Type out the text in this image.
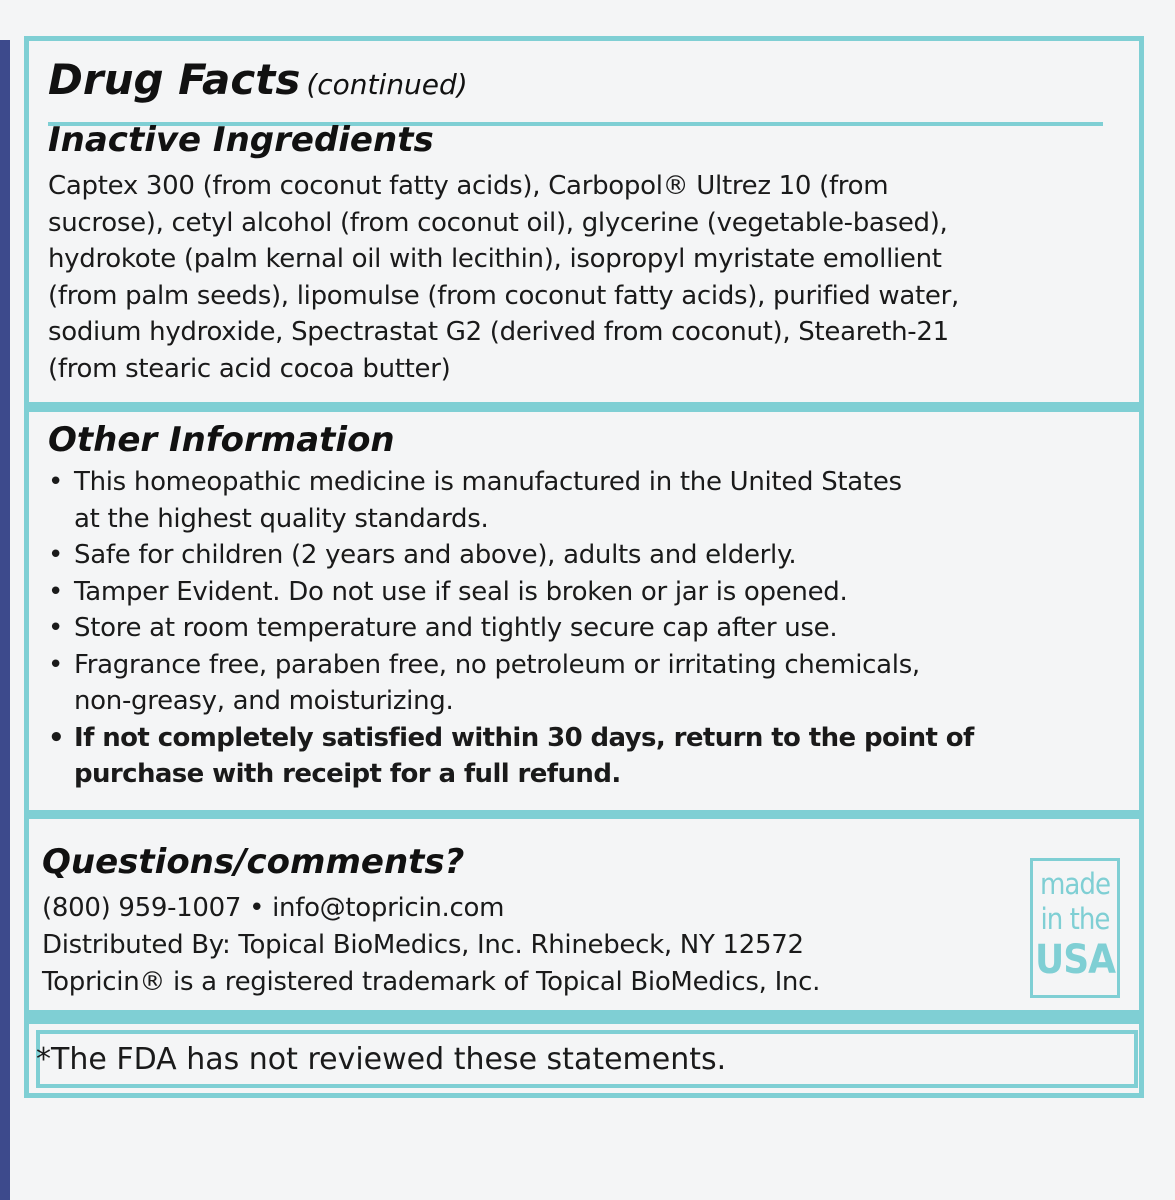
Drug Facts (continued)
Inactive Ingredients
Captex 300 (from coconut fatty acids), Carbopol® Ultrez 10 (from
sucrose), cetyl alcohol (from coconut oil), glycerine (vegetable-based),
hydrokote (palm kernal oil with lecithin), isopropyl myristate emollient
(from palm seeds), lipomulse (from coconut fatty acids), purified water,
sodium hydroxide, Spectrastat G2 (derived from coconut), Steareth-21
(from stearic acid cocoa butter)
Other Information
• This homeopathic medicine is manufactured in the United States
at the highest quality standards.
• Safe for children (2 years and above), adults and elderly.
• Tamper Evident. Do not use if seal is broken or jar is opened.
• Store at room temperature and tightly secure cap after use.
• Fragrance free, paraben free, no petroleum or irritating chemicals,
non-greasy, and moisturizing.
• If not completely satisfied within 30 days, return to the point of
purchase with receipt for a full refund.
Questions/comments?
(800) 959-1007 • info@topricin.com
Distributed By: Topical BioMedics, Inc. Rhinebeck, NY 12572
Topricin® is a registered trademark of Topical BioMedics, Inc.
made
in the
USA

*The FDA has not reviewed these statements.
